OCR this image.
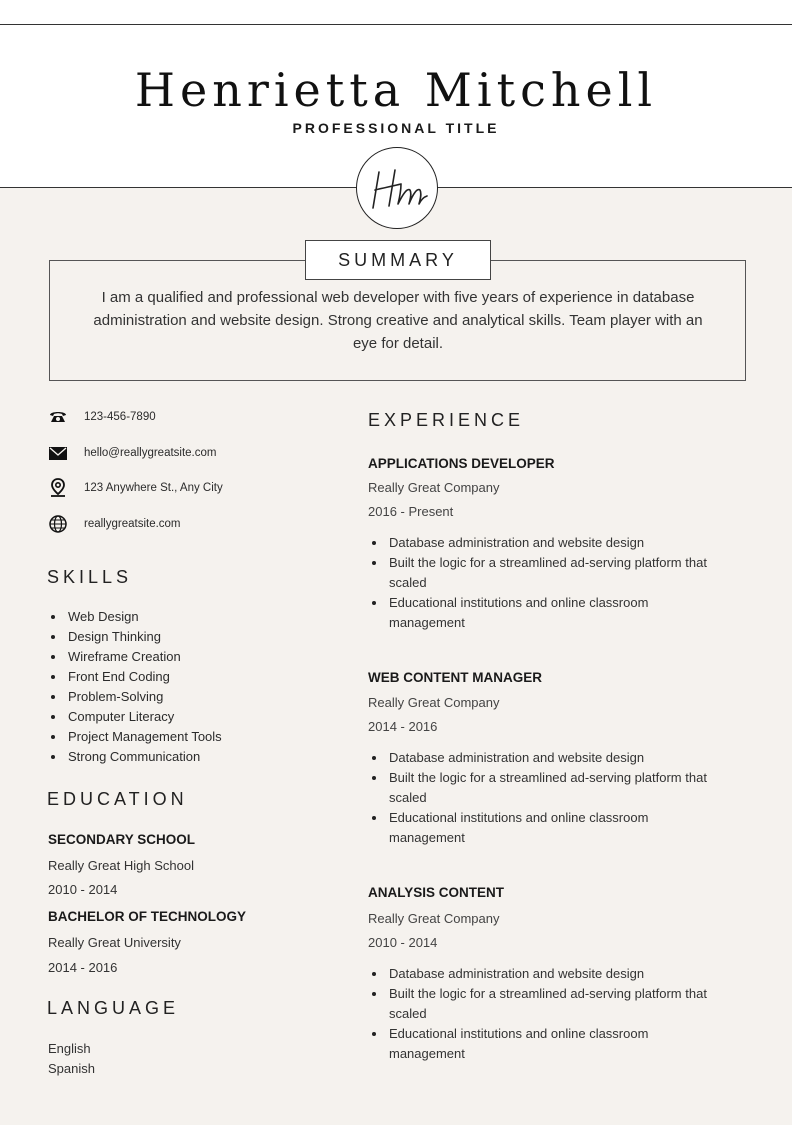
Henrietta Mitchell
PROFESSIONAL TITLE
SUMMARY
I am a qualified and professional web developer with five years of experience in database administration and website design. Strong creative and analytical skills. Team player with an eye for detail.
123-456-7890
hello@reallygreatsite.com
123 Anywhere St., Any City
reallygreatsite.com
SKILLS
Web Design
Design Thinking
Wireframe Creation
Front End Coding
Problem-Solving
Computer Literacy
Project Management Tools
Strong Communication
EDUCATION
SECONDARY SCHOOL
Really Great High School
2010 - 2014
BACHELOR OF TECHNOLOGY
Really Great University
2014 - 2016
LANGUAGE
English
Spanish
EXPERIENCE
APPLICATIONS DEVELOPER
Really Great Company
2016 - Present
Database administration and website design
Built the logic for a streamlined ad-serving platform that scaled
Educational institutions and online classroom management
WEB CONTENT MANAGER
Really Great Company
2014 - 2016
Database administration and website design
Built the logic for a streamlined ad-serving platform that scaled
Educational institutions and online classroom management
ANALYSIS CONTENT
Really Great Company
2010 - 2014
Database administration and website design
Built the logic for a streamlined ad-serving platform that scaled
Educational institutions and online classroom management
